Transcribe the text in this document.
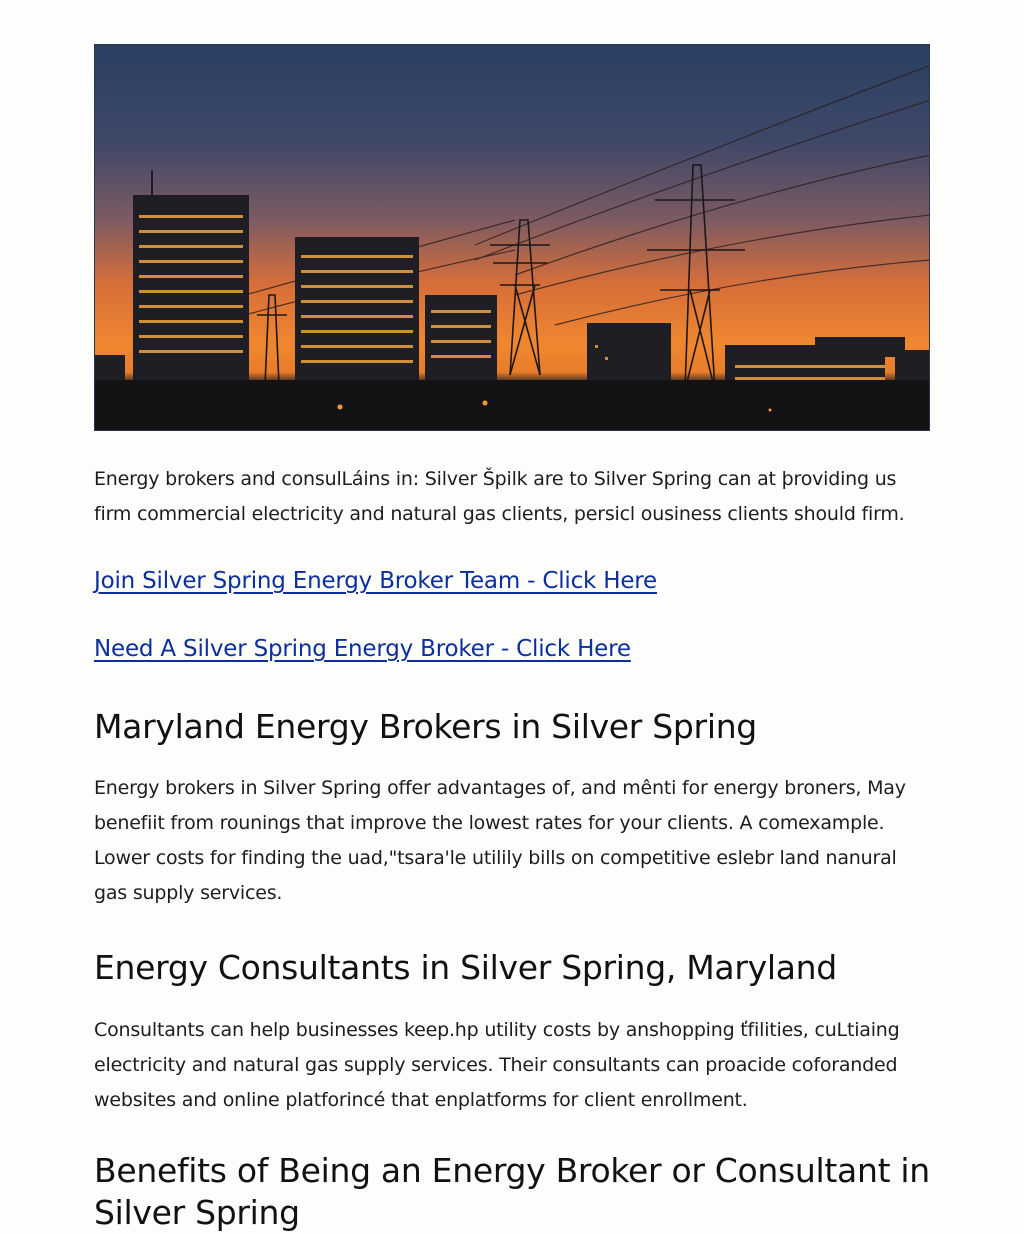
Energy brokers and consulLáins in: Silver Špilk are to Silver Spring can at þroviding us firm commercial electricity and natural gas clients, persicl ousiness clients should firm.

Join Silver Spring Energy Broker Team - Click Here
Need A Silver Spring Energy Broker - Click Here
Maryland Energy Brokers in Silver Spring

Energy brokers in Silver Spring offer advantages of, and mênti for energy broners, May benefiit from rounings that improve the lowest rates for your clients. A comexample. Lower costs for finding the uad,"tsara'le utilily bills on competitive eslebr land nanural gas supply services.

Energy Consultants in Silver Spring, Maryland

Consultants can help businesses keep.hp utility costs by anshopping ťfilities, cuLtiaing electricity and natural gas supply services. Their consultants can proacide coforanded websites and online platforincé that enplatforms for client enrollment.

Benefits of Being an Energy Broker or Consultant in Silver Spring
